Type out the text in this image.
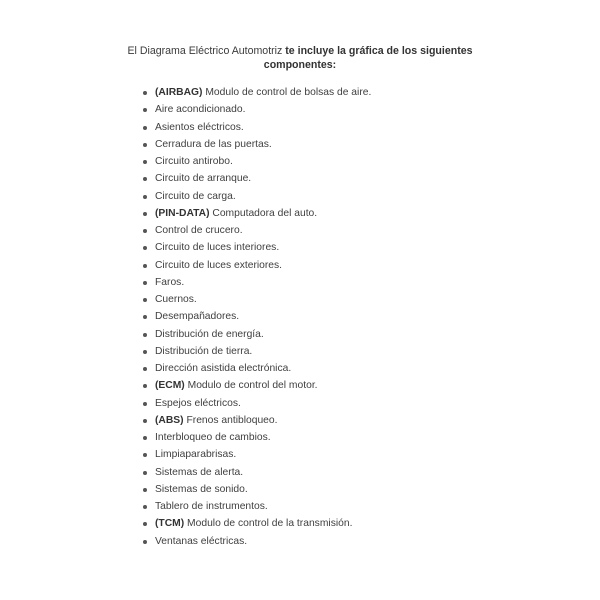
El Diagrama Eléctrico Automotriz te incluye la gráfica de los siguientes
componentes:
(AIRBAG) Modulo de control de bolsas de aire.
Aire acondicionado.
Asientos eléctricos.
Cerradura de las puertas.
Circuito antirobo.
Circuito de arranque.
Circuito de carga.
(PIN-DATA) Computadora del auto.
Control de crucero.
Circuito de luces interiores.
Circuito de luces exteriores.
Faros.
Cuernos.
Desempañadores.
Distribución de energía.
Distribución de tierra.
Dirección asistida electrónica.
(ECM) Modulo de control del motor.
Espejos eléctricos.
(ABS) Frenos antibloqueo.
Interbloqueo de cambios.
Limpiaparabrisas.
Sistemas de alerta.
Sistemas de sonido.
Tablero de instrumentos.
(TCM) Modulo de control de la transmisión.
Ventanas eléctricas.
